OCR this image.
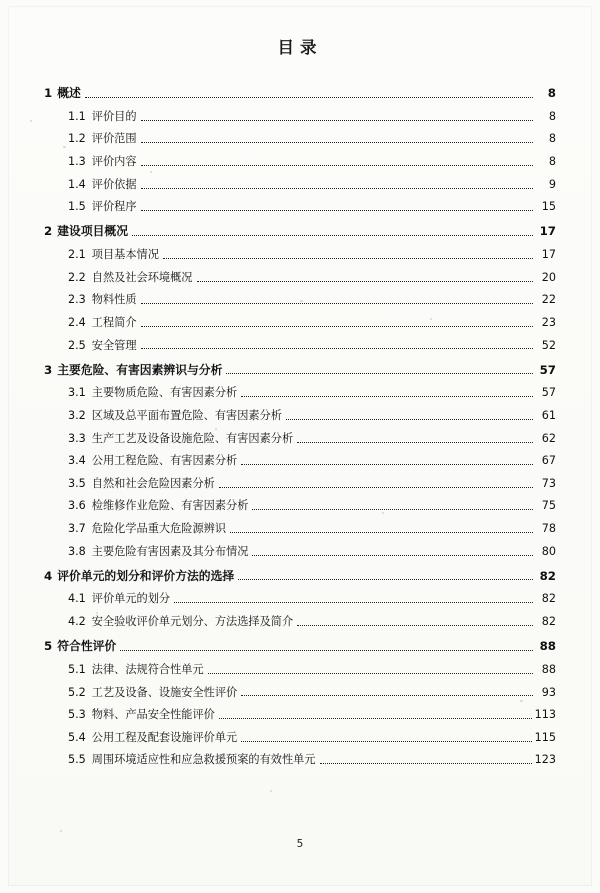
目录
1 概述	8
1.1 评价目的	8
1.2 评价范围	8
1.3 评价内容	8
1.4 评价依据	9
1.5 评价程序	15
2 建设项目概况	17
2.1 项目基本情况	17
2.2 自然及社会环境概况	20
2.3 物料性质	22
2.4 工程简介	23
2.5 安全管理	52
3 主要危险、有害因素辨识与分析	57
3.1 主要物质危险、有害因素分析	57
3.2 区域及总平面布置危险、有害因素分析	61
3.3 生产工艺及设备设施危险、有害因素分析	62
3.4 公用工程危险、有害因素分析	67
3.5 自然和社会危险因素分析	73
3.6 检维修作业危险、有害因素分析	75
3.7 危险化学品重大危险源辨识	78
3.8 主要危险有害因素及其分布情况	80
4 评价单元的划分和评价方法的选择	82
4.1 评价单元的划分	82
4.2 安全验收评价单元划分、方法选择及简介	82
5 符合性评价	88
5.1 法律、法规符合性单元	88
5.2 工艺及设备、设施安全性评价	93
5.3 物料、产品安全性能评价	113
5.4 公用工程及配套设施评价单元	115
5.5 周围环境适应性和应急救援预案的有效性单元	123
5
